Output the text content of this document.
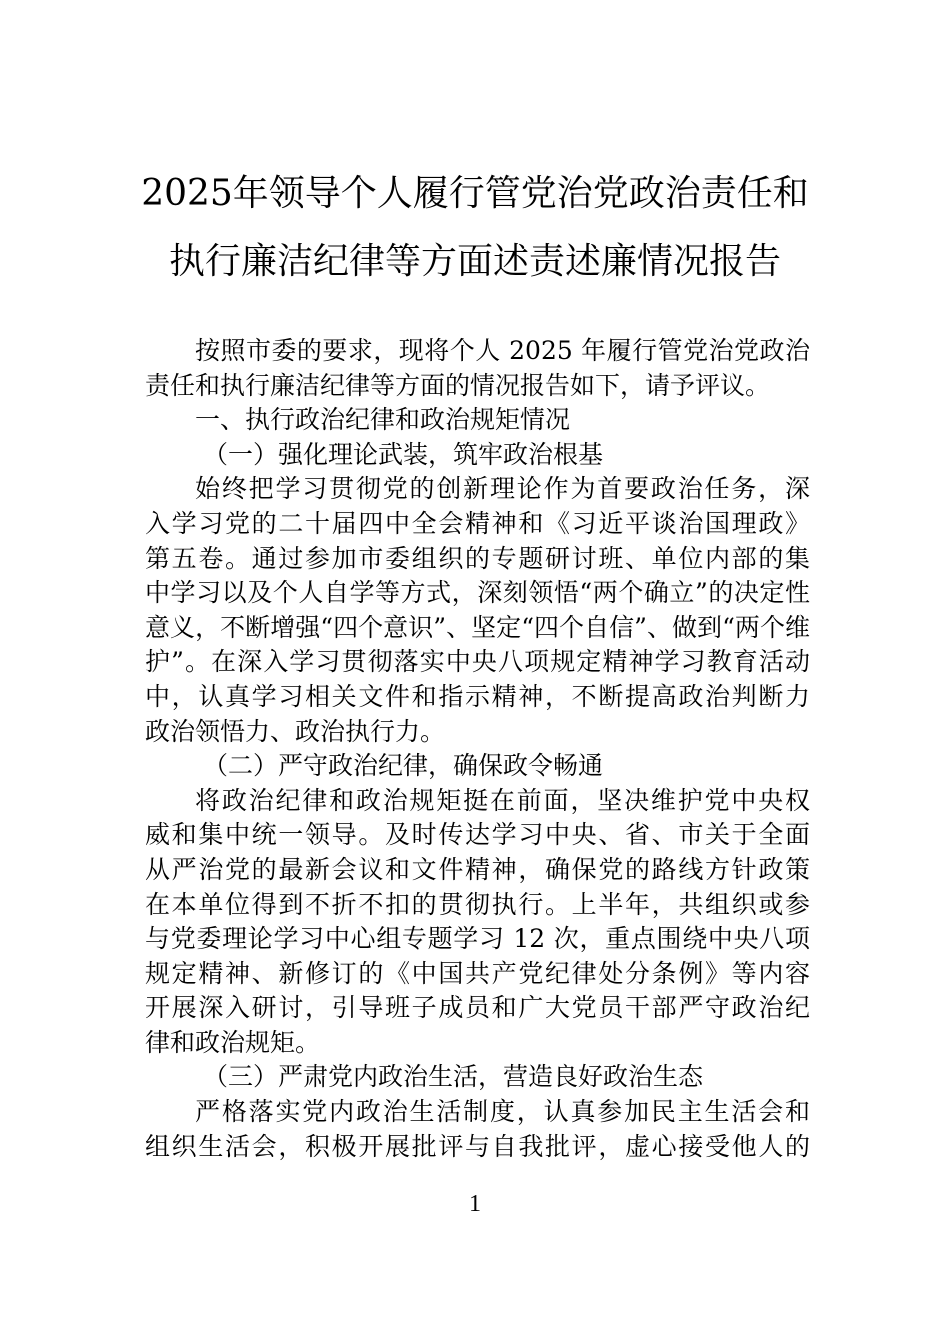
2025年领导个人履行管党治党政治责任和
执行廉洁纪律等方面述责述廉情况报告
按照市委的要求，现将个人 2025 年履行管党治党政治
责任和执行廉洁纪律等方面的情况报告如下，请予评议。
一、执行政治纪律和政治规矩情况
（一）强化理论武装，筑牢政治根基
始终把学习贯彻党的创新理论作为首要政治任务，深
入学习党的二十届四中全会精神和《习近平谈治国理政》
第五卷。通过参加市委组织的专题研讨班、单位内部的集
中学习以及个人自学等方式，深刻领悟“两个确立”的决定性
意义，不断增强“四个意识”、坚定“四个自信”、做到“两个维
护”。在深入学习贯彻落实中央八项规定精神学习教育活动
中，认真学习相关文件和指示精神，不断提高政治判断力
政治领悟力、政治执行力。
（二）严守政治纪律，确保政令畅通
将政治纪律和政治规矩挺在前面，坚决维护党中央权
威和集中统一领导。及时传达学习中央、省、市关于全面
从严治党的最新会议和文件精神，确保党的路线方针政策
在本单位得到不折不扣的贯彻执行。上半年，共组织或参
与党委理论学习中心组专题学习 12 次，重点围绕中央八项
规定精神、新修订的《中国共产党纪律处分条例》等内容
开展深入研讨，引导班子成员和广大党员干部严守政治纪
律和政治规矩。
（三）严肃党内政治生活，营造良好政治生态
严格落实党内政治生活制度，认真参加民主生活会和
组织生活会，积极开展批评与自我批评，虚心接受他人的
1
